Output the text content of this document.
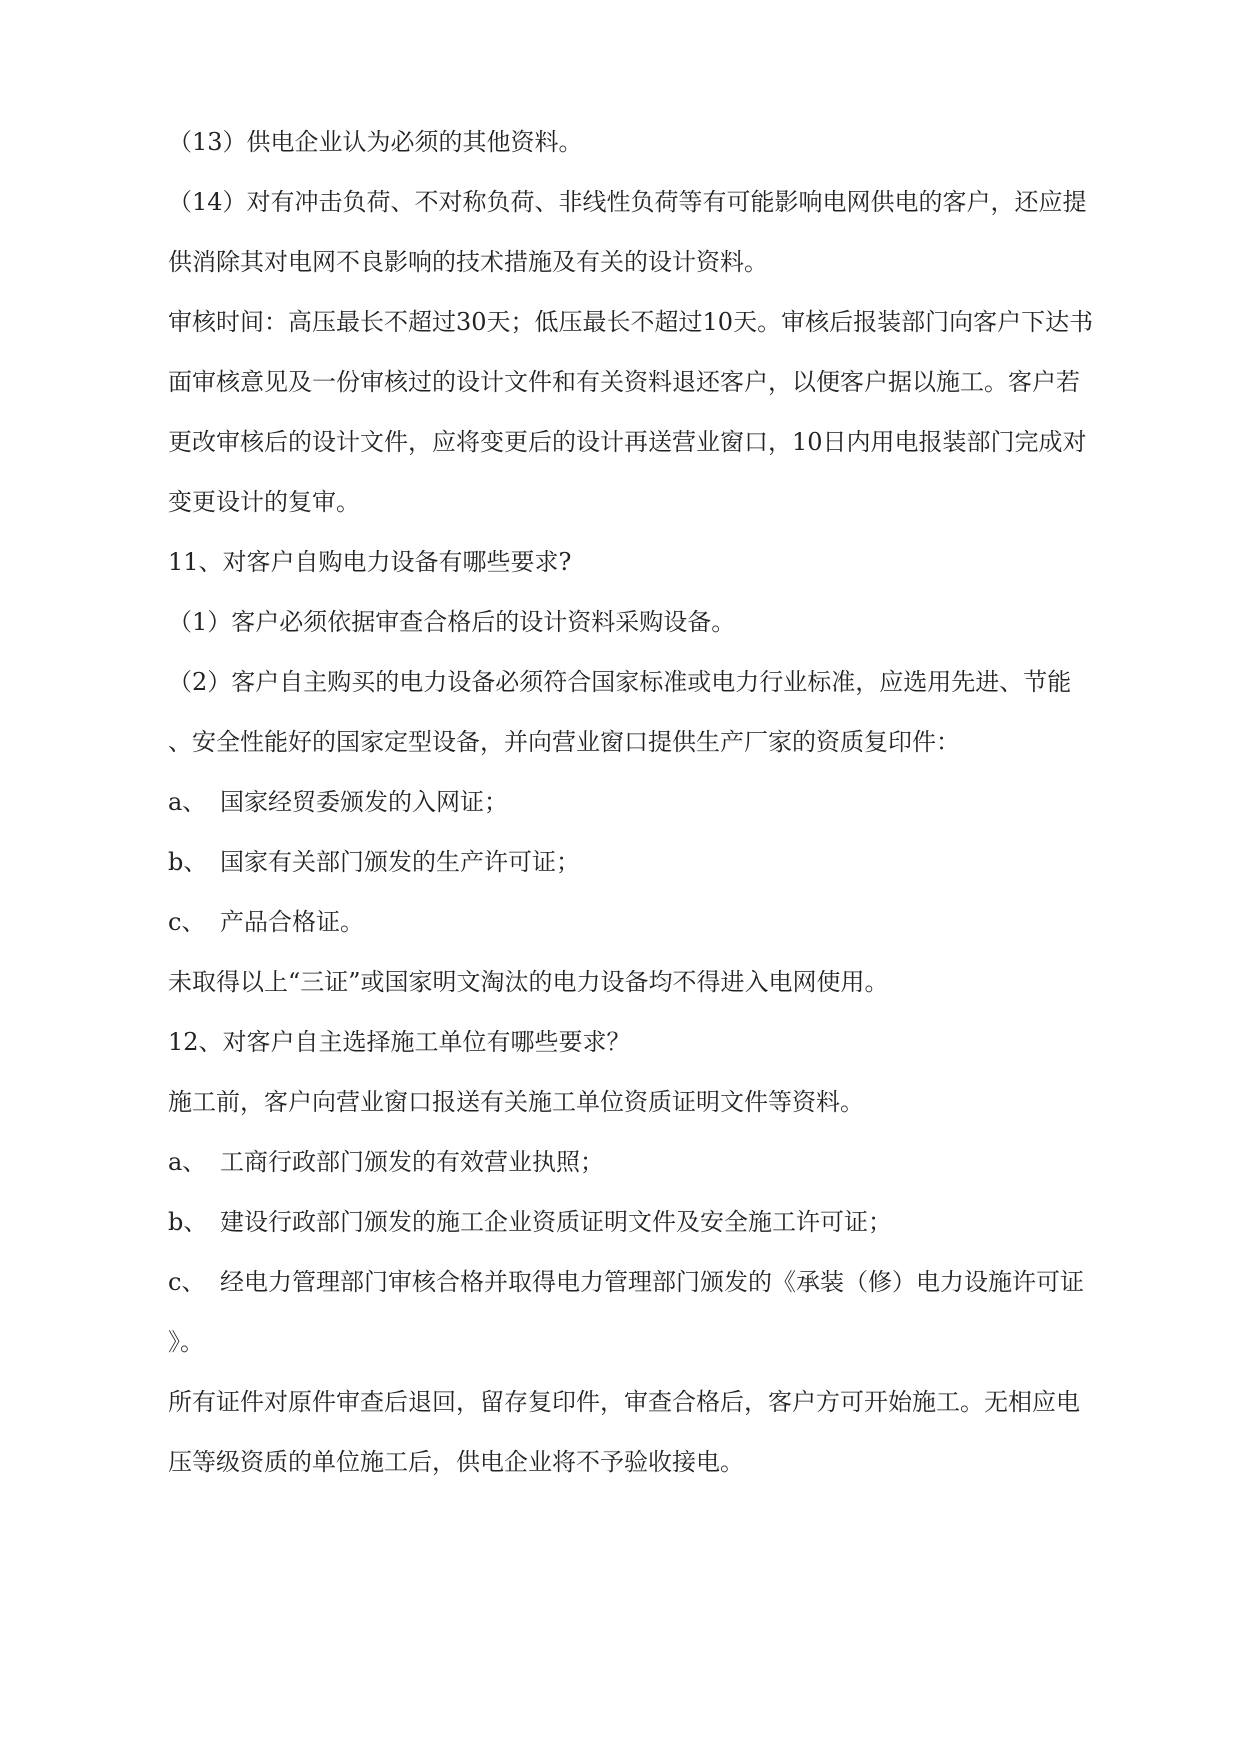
（13）供电企业认为必须的其他资料。
（14）对有冲击负荷、不对称负荷、非线性负荷等有可能影响电网供电的客户，还应提
供消除其对电网不良影响的技术措施及有关的设计资料。
审核时间：高压最长不超过30天；低压最长不超过10天。审核后报装部门向客户下达书
面审核意见及一份审核过的设计文件和有关资料退还客户，以便客户据以施工。客户若
更改审核后的设计文件，应将变更后的设计再送营业窗口，10日内用电报装部门完成对
变更设计的复审。
11、对客户自购电力设备有哪些要求?
（1）客户必须依据审查合格后的设计资料采购设备。
（2）客户自主购买的电力设备必须符合国家标准或电力行业标准，应选用先进、节能
、安全性能好的国家定型设备，并向营业窗口提供生产厂家的资质复印件：
a、 国家经贸委颁发的入网证；
b、 国家有关部门颁发的生产许可证；
c、 产品合格证。
未取得以上“三证”或国家明文淘汰的电力设备均不得进入电网使用。
12、对客户自主选择施工单位有哪些要求？
施工前，客户向营业窗口报送有关施工单位资质证明文件等资料。
a、 工商行政部门颁发的有效营业执照；
b、 建设行政部门颁发的施工企业资质证明文件及安全施工许可证；
c、 经电力管理部门审核合格并取得电力管理部门颁发的《承装（修）电力设施许可证
》。
所有证件对原件审查后退回，留存复印件，审查合格后，客户方可开始施工。无相应电
压等级资质的单位施工后，供电企业将不予验收接电。
